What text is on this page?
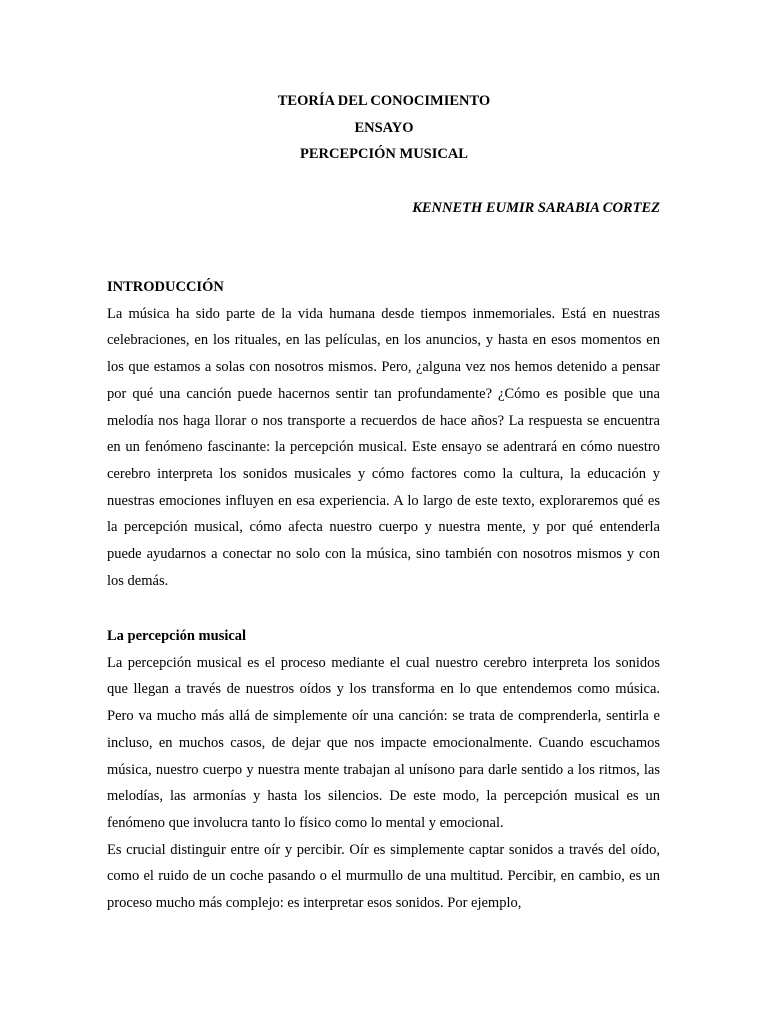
TEORÍA DEL CONOCIMIENTO
ENSAYO
PERCEPCIÓN MUSICAL
KENNETH EUMIR SARABIA CORTEZ
INTRODUCCIÓN

La música ha sido parte de la vida humana desde tiempos inmemoriales. Está en nuestras celebraciones, en los rituales, en las películas, en los anuncios, y hasta en esos momentos en los que estamos a solas con nosotros mismos. Pero, ¿alguna vez nos hemos detenido a pensar por qué una canción puede hacernos sentir tan profundamente? ¿Cómo es posible que una melodía nos haga llorar o nos transporte a recuerdos de hace años? La respuesta se encuentra en un fenómeno fascinante: la percepción musical. Este ensayo se adentrará en cómo nuestro cerebro interpreta los sonidos musicales y cómo factores como la cultura, la educación y nuestras emociones influyen en esa experiencia. A lo largo de este texto, exploraremos qué es la percepción musical, cómo afecta nuestro cuerpo y nuestra mente, y por qué entenderla puede ayudarnos a conectar no solo con la música, sino también con nosotros mismos y con los demás.

La percepción musical

La percepción musical es el proceso mediante el cual nuestro cerebro interpreta los sonidos que llegan a través de nuestros oídos y los transforma en lo que entendemos como música. Pero va mucho más allá de simplemente oír una canción: se trata de comprenderla, sentirla e incluso, en muchos casos, de dejar que nos impacte emocionalmente. Cuando escuchamos música, nuestro cuerpo y nuestra mente trabajan al unísono para darle sentido a los ritmos, las melodías, las armonías y hasta los silencios. De este modo, la percepción musical es un fenómeno que involucra tanto lo físico como lo mental y emocional.

Es crucial distinguir entre oír y percibir. Oír es simplemente captar sonidos a través del oído, como el ruido de un coche pasando o el murmullo de una multitud. Percibir, en cambio, es un proceso mucho más complejo: es interpretar esos sonidos. Por ejemplo,
